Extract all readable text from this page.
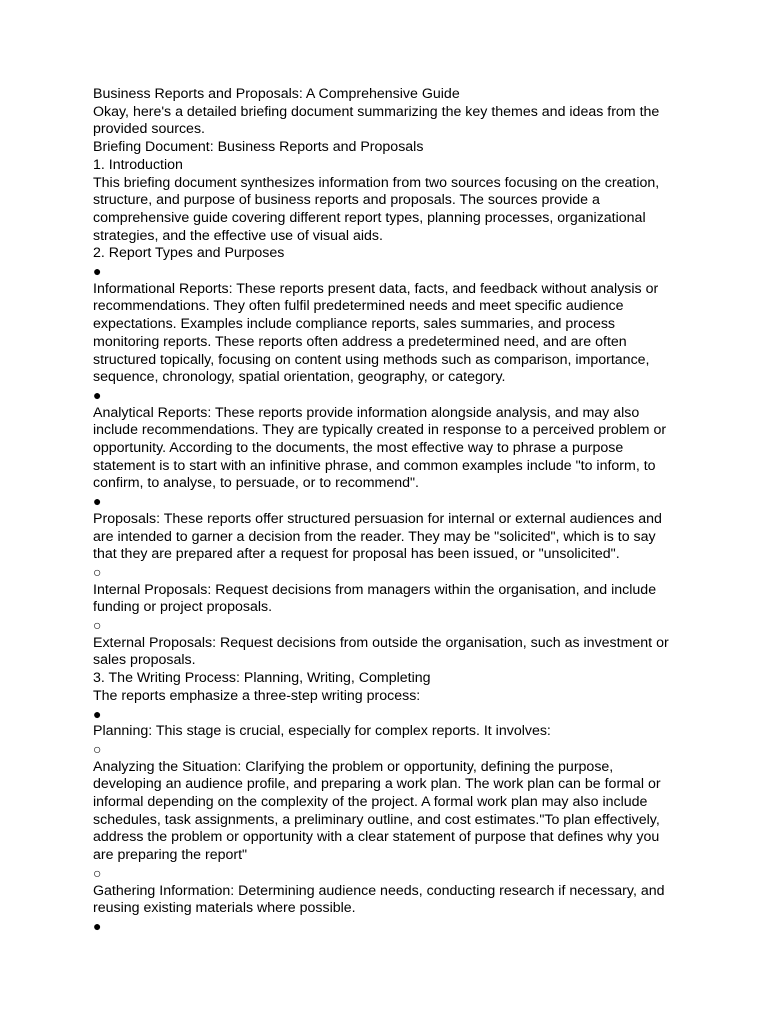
Business Reports and Proposals: A Comprehensive Guide

Okay, here's a detailed briefing document summarizing the key themes and ideas from the provided sources.

Briefing Document: Business Reports and Proposals

1. Introduction

This briefing document synthesizes information from two sources focusing on the creation, structure, and purpose of business reports and proposals. The sources provide a comprehensive guide covering different report types, planning processes, organizational strategies, and the effective use of visual aids.

2. Report Types and Purposes

●

Informational Reports: These reports present data, facts, and feedback without analysis or recommendations. They often fulfil predetermined needs and meet specific audience expectations. Examples include compliance reports, sales summaries, and process monitoring reports. These reports often address a predetermined need, and are often structured topically, focusing on content using methods such as comparison, importance, sequence, chronology, spatial orientation, geography, or category.

●

Analytical Reports: These reports provide information alongside analysis, and may also include recommendations. They are typically created in response to a perceived problem or opportunity. According to the documents, the most effective way to phrase a purpose statement is to start with an infinitive phrase, and common examples include "to inform, to confirm, to analyse, to persuade, or to recommend".

●

Proposals: These reports offer structured persuasion for internal or external audiences and are intended to garner a decision from the reader. They may be "solicited", which is to say that they are prepared after a request for proposal has been issued, or "unsolicited".

○

Internal Proposals: Request decisions from managers within the organisation, and include funding or project proposals.

○

External Proposals: Request decisions from outside the organisation, such as investment or sales proposals.

3. The Writing Process: Planning, Writing, Completing

The reports emphasize a three-step writing process:

●

Planning: This stage is crucial, especially for complex reports. It involves:

○

Analyzing the Situation: Clarifying the problem or opportunity, defining the purpose, developing an audience profile, and preparing a work plan. The work plan can be formal or informal depending on the complexity of the project. A formal work plan may also include schedules, task assignments, a preliminary outline, and cost estimates."To plan effectively, address the problem or opportunity with a clear statement of purpose that defines why you are preparing the report"

○

Gathering Information: Determining audience needs, conducting research if necessary, and reusing existing materials where possible.

●
